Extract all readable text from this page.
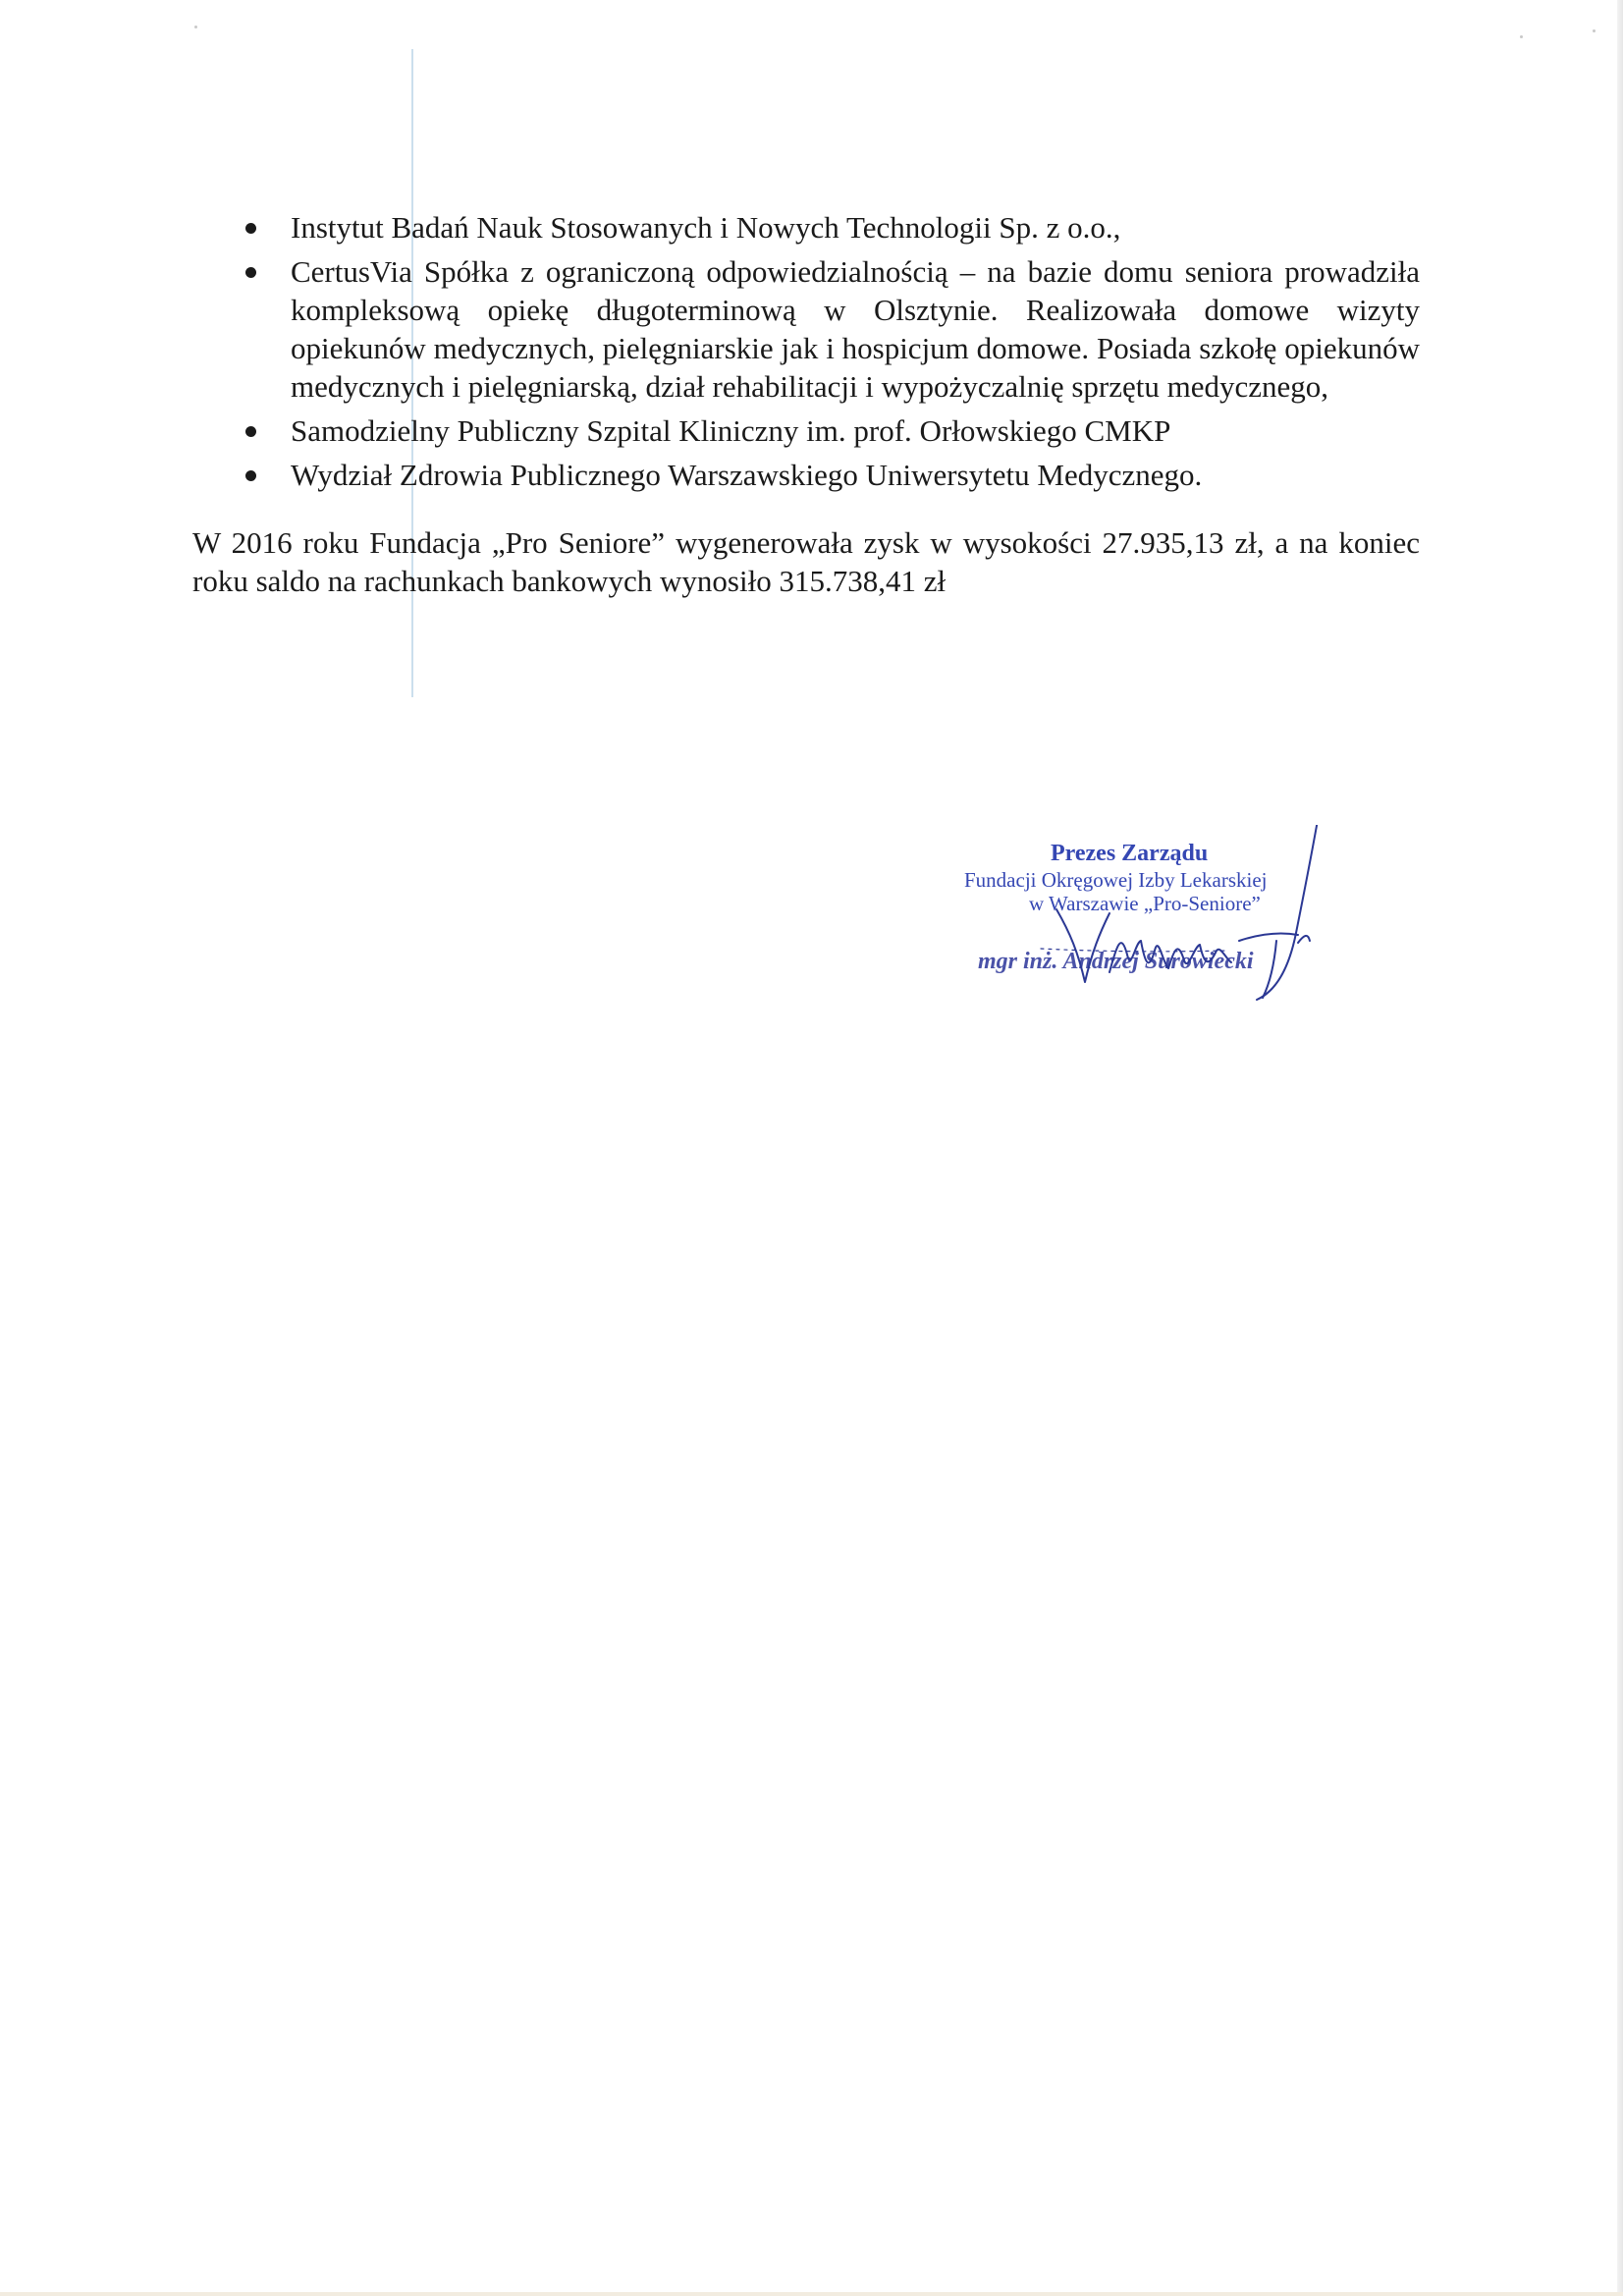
Instytut Badań Nauk Stosowanych i Nowych Technologii Sp. z o.o.,
CertusVia Spółka z ograniczoną odpowiedzialnością – na bazie domu seniora prowadziła kompleksową opiekę długoterminową w Olsztynie. Realizowała domowe wizyty opiekunów medycznych, pielęgniarskie jak i hospicjum domowe. Posiada szkołę opiekunów medycznych i pielęgniarską, dział rehabilitacji i wypożyczalnię sprzętu medycznego,
Samodzielny Publiczny Szpital Kliniczny im. prof. Orłowskiego CMKP
Wydział Zdrowia Publicznego Warszawskiego Uniwersytetu Medycznego.

W 2016 roku Fundacja „Pro Seniore” wygenerowała zysk w wysokości 27.935,13 zł, a na koniec roku saldo na rachunkach bankowych wynosiło 315.738,41 zł

Prezes Zarządu
Fundacji Okręgowej Izby Lekarskiej
w Warszawie „Pro-Seniore”
mgr inż. Andrzej Surowiecki
